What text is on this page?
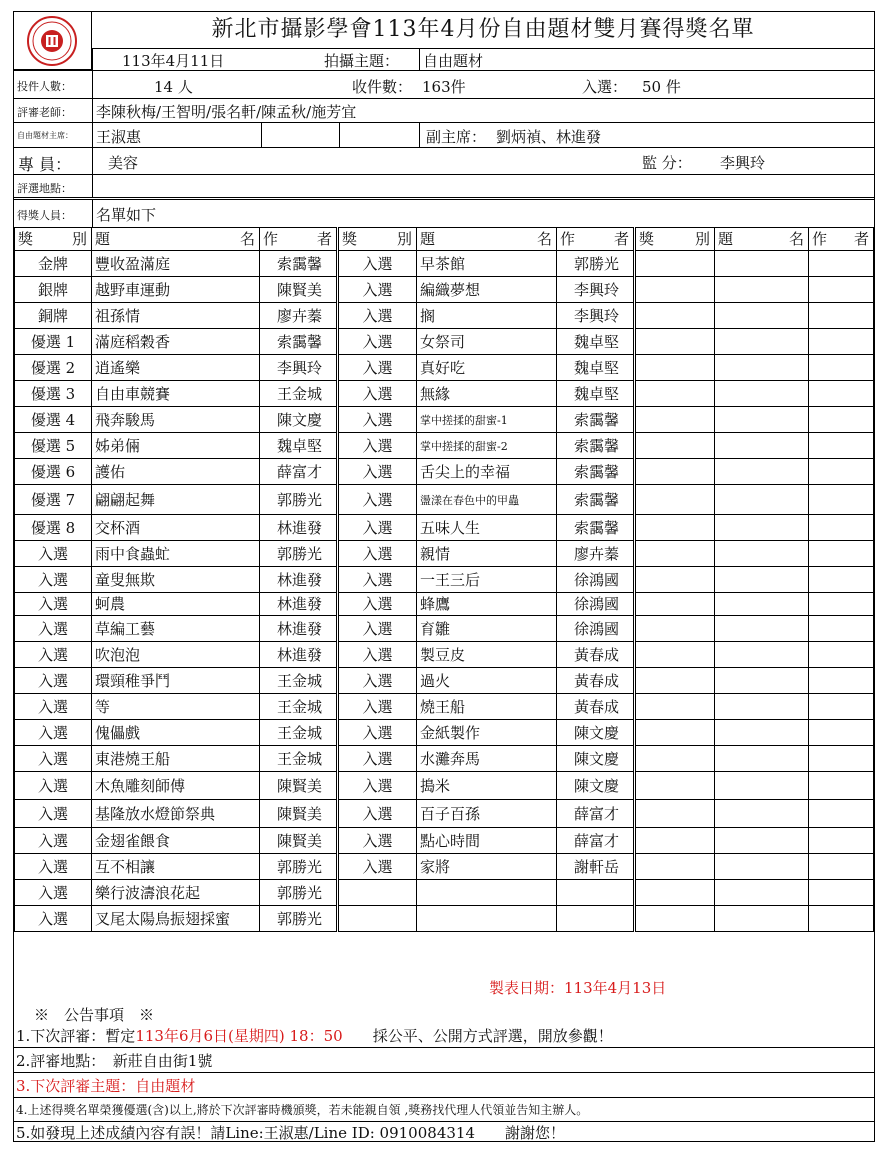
新北市攝影學會113年4月份自由題材雙月賽得獎名單
113年4月11日	拍攝主題： 自由題材
投件人數：	14 人	收件數： 163件	入選： 50 件
評審老師： 李陳秋梅/王智明/張名軒/陳孟秋/施芳宜
自由題材主席： 王淑惠	副主席： 劉炳禎、林進發
專 員： 美容	監 分： 李興玲
評選地點：
得獎人員： 名單如下
獎 別	題 名	作 者	獎 別	題 名	作 者	獎 別	題 名	作 者

金牌	豐收盈滿庭	索靄馨	入選	早茶館	郭勝光			
銀牌	越野車運動	陳賢美	入選	編織夢想	李興玲			
銅牌	祖孫情	廖卉蓁	入選	搁	李興玲			
優選 1	滿庭稻穀香	索靄馨	入選	女祭司	魏卓堅			
優選 2	逍遙樂	李興玲	入選	真好吃	魏卓堅			
優選 3	自由車競賽	王金城	入選	無緣	魏卓堅			
優選 4	飛奔駿馬	陳文慶	入選	掌中搓揉的甜蜜-1	索靄馨			
優選 5	姊弟倆	魏卓堅	入選	掌中搓揉的甜蜜-2	索靄馨			
優選 6	護佑	薛富才	入選	舌尖上的幸福	索靄馨			
優選 7	翩翩起舞	郭勝光	入選	盪漾在春色中的甲蟲	索靄馨			
優選 8	交杯酒	林進發	入選	五味人生	索靄馨			
入選	雨中食蟲虻	郭勝光	入選	親情	廖卉蓁			
入選	童叟無欺	林進發	入選	一王三后	徐鴻國			
入選	蚵農	林進發	入選	蜂鷹	徐鴻國			
入選	草編工藝	林進發	入選	育雛	徐鴻國			
入選	吹泡泡	林進發	入選	製豆皮	黃春成			
入選	環頸稚爭鬥	王金城	入選	過火	黃春成			
入選	等	王金城	入選	燒王船	黃春成			
入選	傀儡戲	王金城	入選	金紙製作	陳文慶			
入選	東港燒王船	王金城	入選	水灘奔馬	陳文慶			
入選	木魚雕刻師傅	陳賢美	入選	搗米	陳文慶			
入選	基隆放水燈節祭典	陳賢美	入選	百子百孫	薛富才			
入選	金翅雀餵食	陳賢美	入選	點心時間	薛富才			
入選	互不相讓	郭勝光	入選	家將	謝軒岳			
入選	樂行波濤浪花起	郭勝光						
入選	叉尾太陽鳥振翅採蜜	郭勝光						
製表日期：113年4月13日
※　公告事項　※
1.下次評審：暫定113年6月6日(星期四) 18：50　　 採公平、公開方式評選，開放參觀！
2.評審地點：　新莊自由街1號
3.下次評審主題：自由題材
4.上述得獎名單榮獲優選(含)以上,將於下次評審時機頒獎，若未能親自領 ,獎務找代理人代領並告知主辦人。
5.如發現上述成績內容有誤！請Line:王淑惠/Line ID: 0910084314　　謝謝您！
